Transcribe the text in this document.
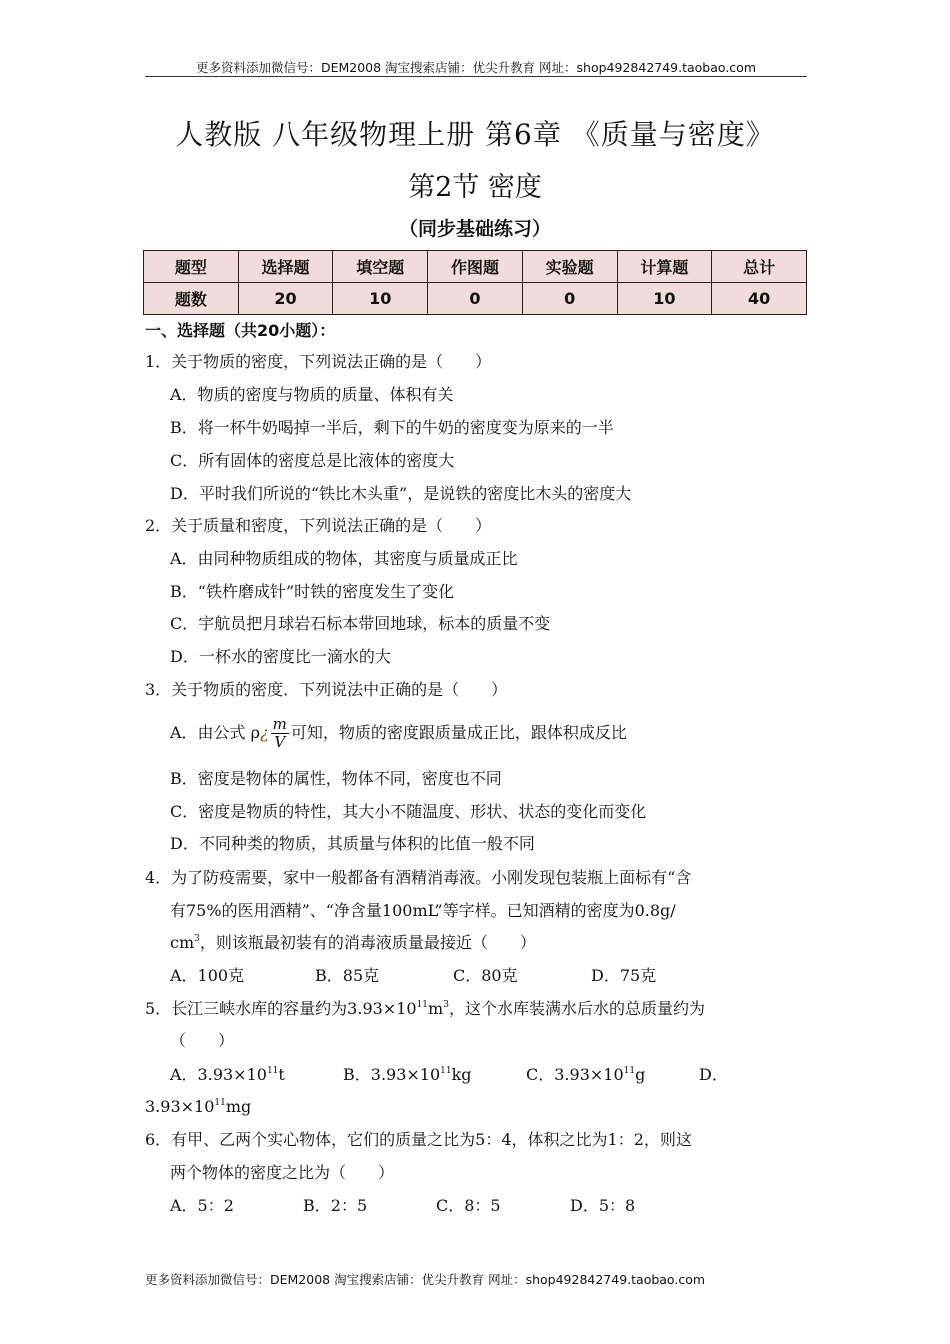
更多资料添加微信号：DEM2008 淘宝搜索店铺：优尖升教育 网址：shop492842749.taobao.com
人教版 八年级物理上册 第6章 《质量与密度》
第2节 密度
（同步基础练习）
题型	选择题	填空题	作图题	实验题	计算题	总计
题数	20	10	0	0	10	40
一、选择题（共20小题）：
1．关于物质的密度，下列说法正确的是（　　）
A．物质的密度与物质的质量、体积有关
B．将一杯牛奶喝掉一半后，剩下的牛奶的密度变为原来的一半
C．所有固体的密度总是比液体的密度大
D．平时我们所说的“铁比木头重”，是说铁的密度比木头的密度大
2．关于质量和密度，下列说法正确的是（　　）
A．由同种物质组成的物体，其密度与质量成正比
B．“铁杵磨成针”时铁的密度发生了变化
C．宇航员把月球岩石标本带回地球，标本的质量不变
D．一杯水的密度比一滴水的大
3．关于物质的密度．下列说法中正确的是（　　）
A．由公式 ρ¿ $\frac{m}{V}$ 可知，物质的密度跟质量成正比，跟体积成反比
B．密度是物体的属性，物体不同，密度也不同
C．密度是物质的特性，其大小不随温度、形状、状态的变化而变化
D．不同种类的物质，其质量与体积的比值一般不同
4．为了防疫需要，家中一般都备有酒精消毒液。小刚发现包装瓶上面标有“含
有75%的医用酒精”、“净含量100mL”等字样。已知酒精的密度为0.8g/
$cm^3$，则该瓶最初装有的消毒液质量最接近（　　）
A．100克	B．85克	C．80克	D．75克
5．长江三峡水库的容量约为$3.93\times 10^{11}m^3$，这个水库装满水后水的总质量约为
（　　）
A．$3.93\times 10^{11}t$	B．$3.93\times 10^{11}kg$	C．$3.93\times 10^{11}g$	D．
$3.93\times 10^{11}mg$
6．有甲、乙两个实心物体，它们的质量之比为5：4，体积之比为1：2，则这
两个物体的密度之比为（　　）
A．5：2	B．2：5	C．8：5	D．5：8
更多资料添加微信号：DEM2008 淘宝搜索店铺：优尖升教育 网址：shop492842749.taobao.com
